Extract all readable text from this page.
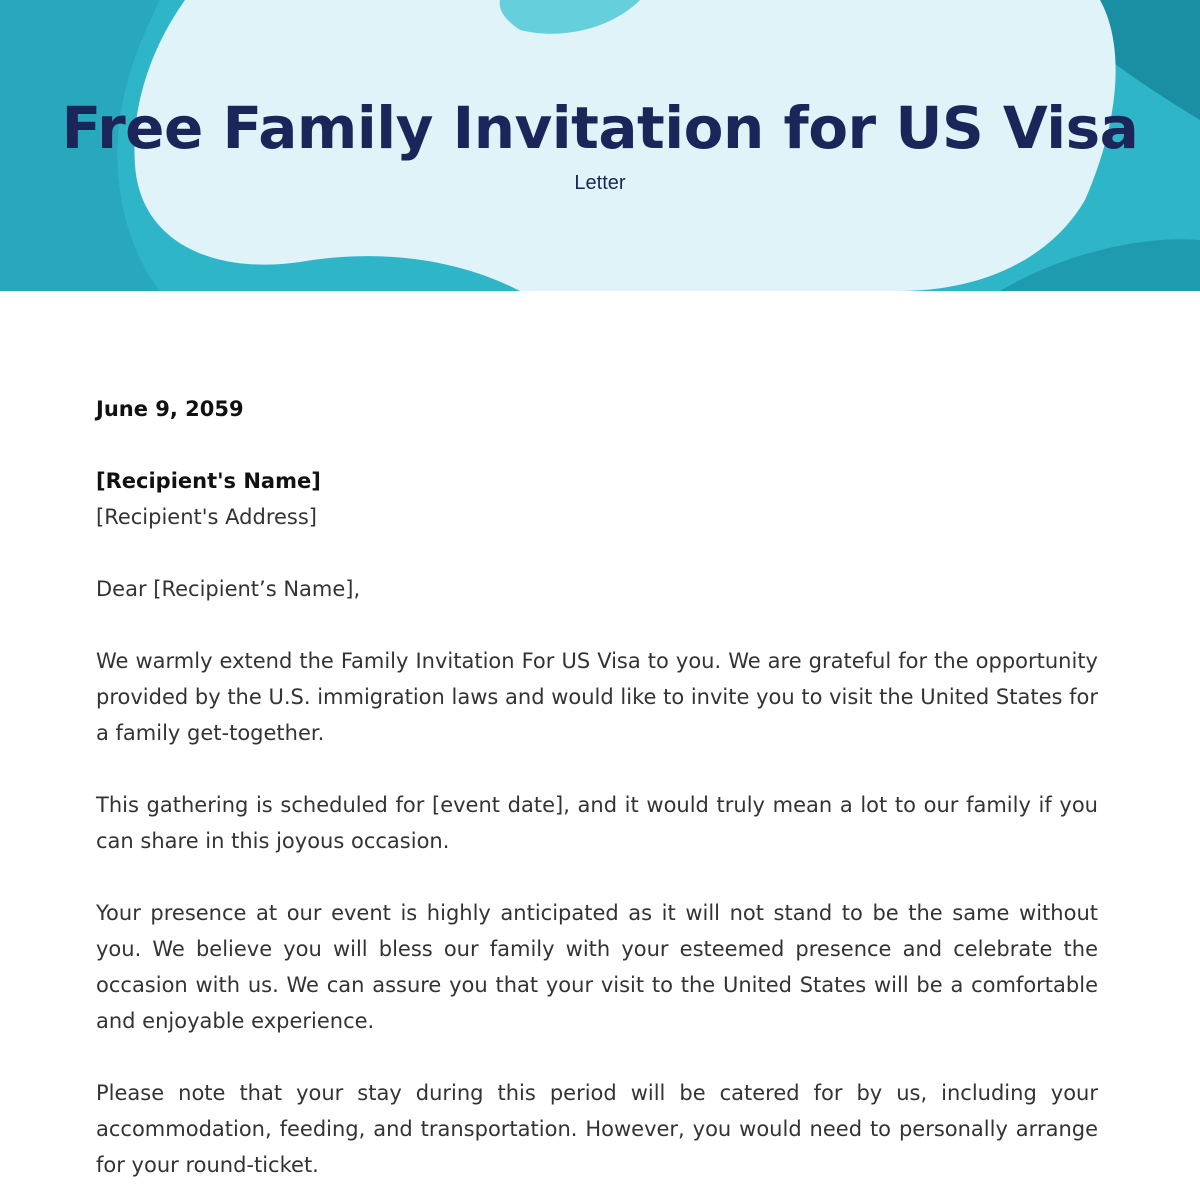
Free Family Invitation for US Visa
Letter

June 9, 2059

[Recipient's Name]
[Recipient's Address]

Dear [Recipient’s Name],

We warmly extend the Family Invitation For US Visa to you. We are grateful for the opportunity provided by the U.S. immigration laws and would like to invite you to visit the United States for a family get-together.

This gathering is scheduled for [event date], and it would truly mean a lot to our family if you can share in this joyous occasion.

Your presence at our event is highly anticipated as it will not stand to be the same without you. We believe you will bless our family with your esteemed presence and celebrate the occasion with us. We can assure you that your visit to the United States will be a comfortable and enjoyable experience.

Please note that your stay during this period will be catered for by us, including your accommodation, feeding, and transportation. However, you would need to personally arrange for your round-ticket.
